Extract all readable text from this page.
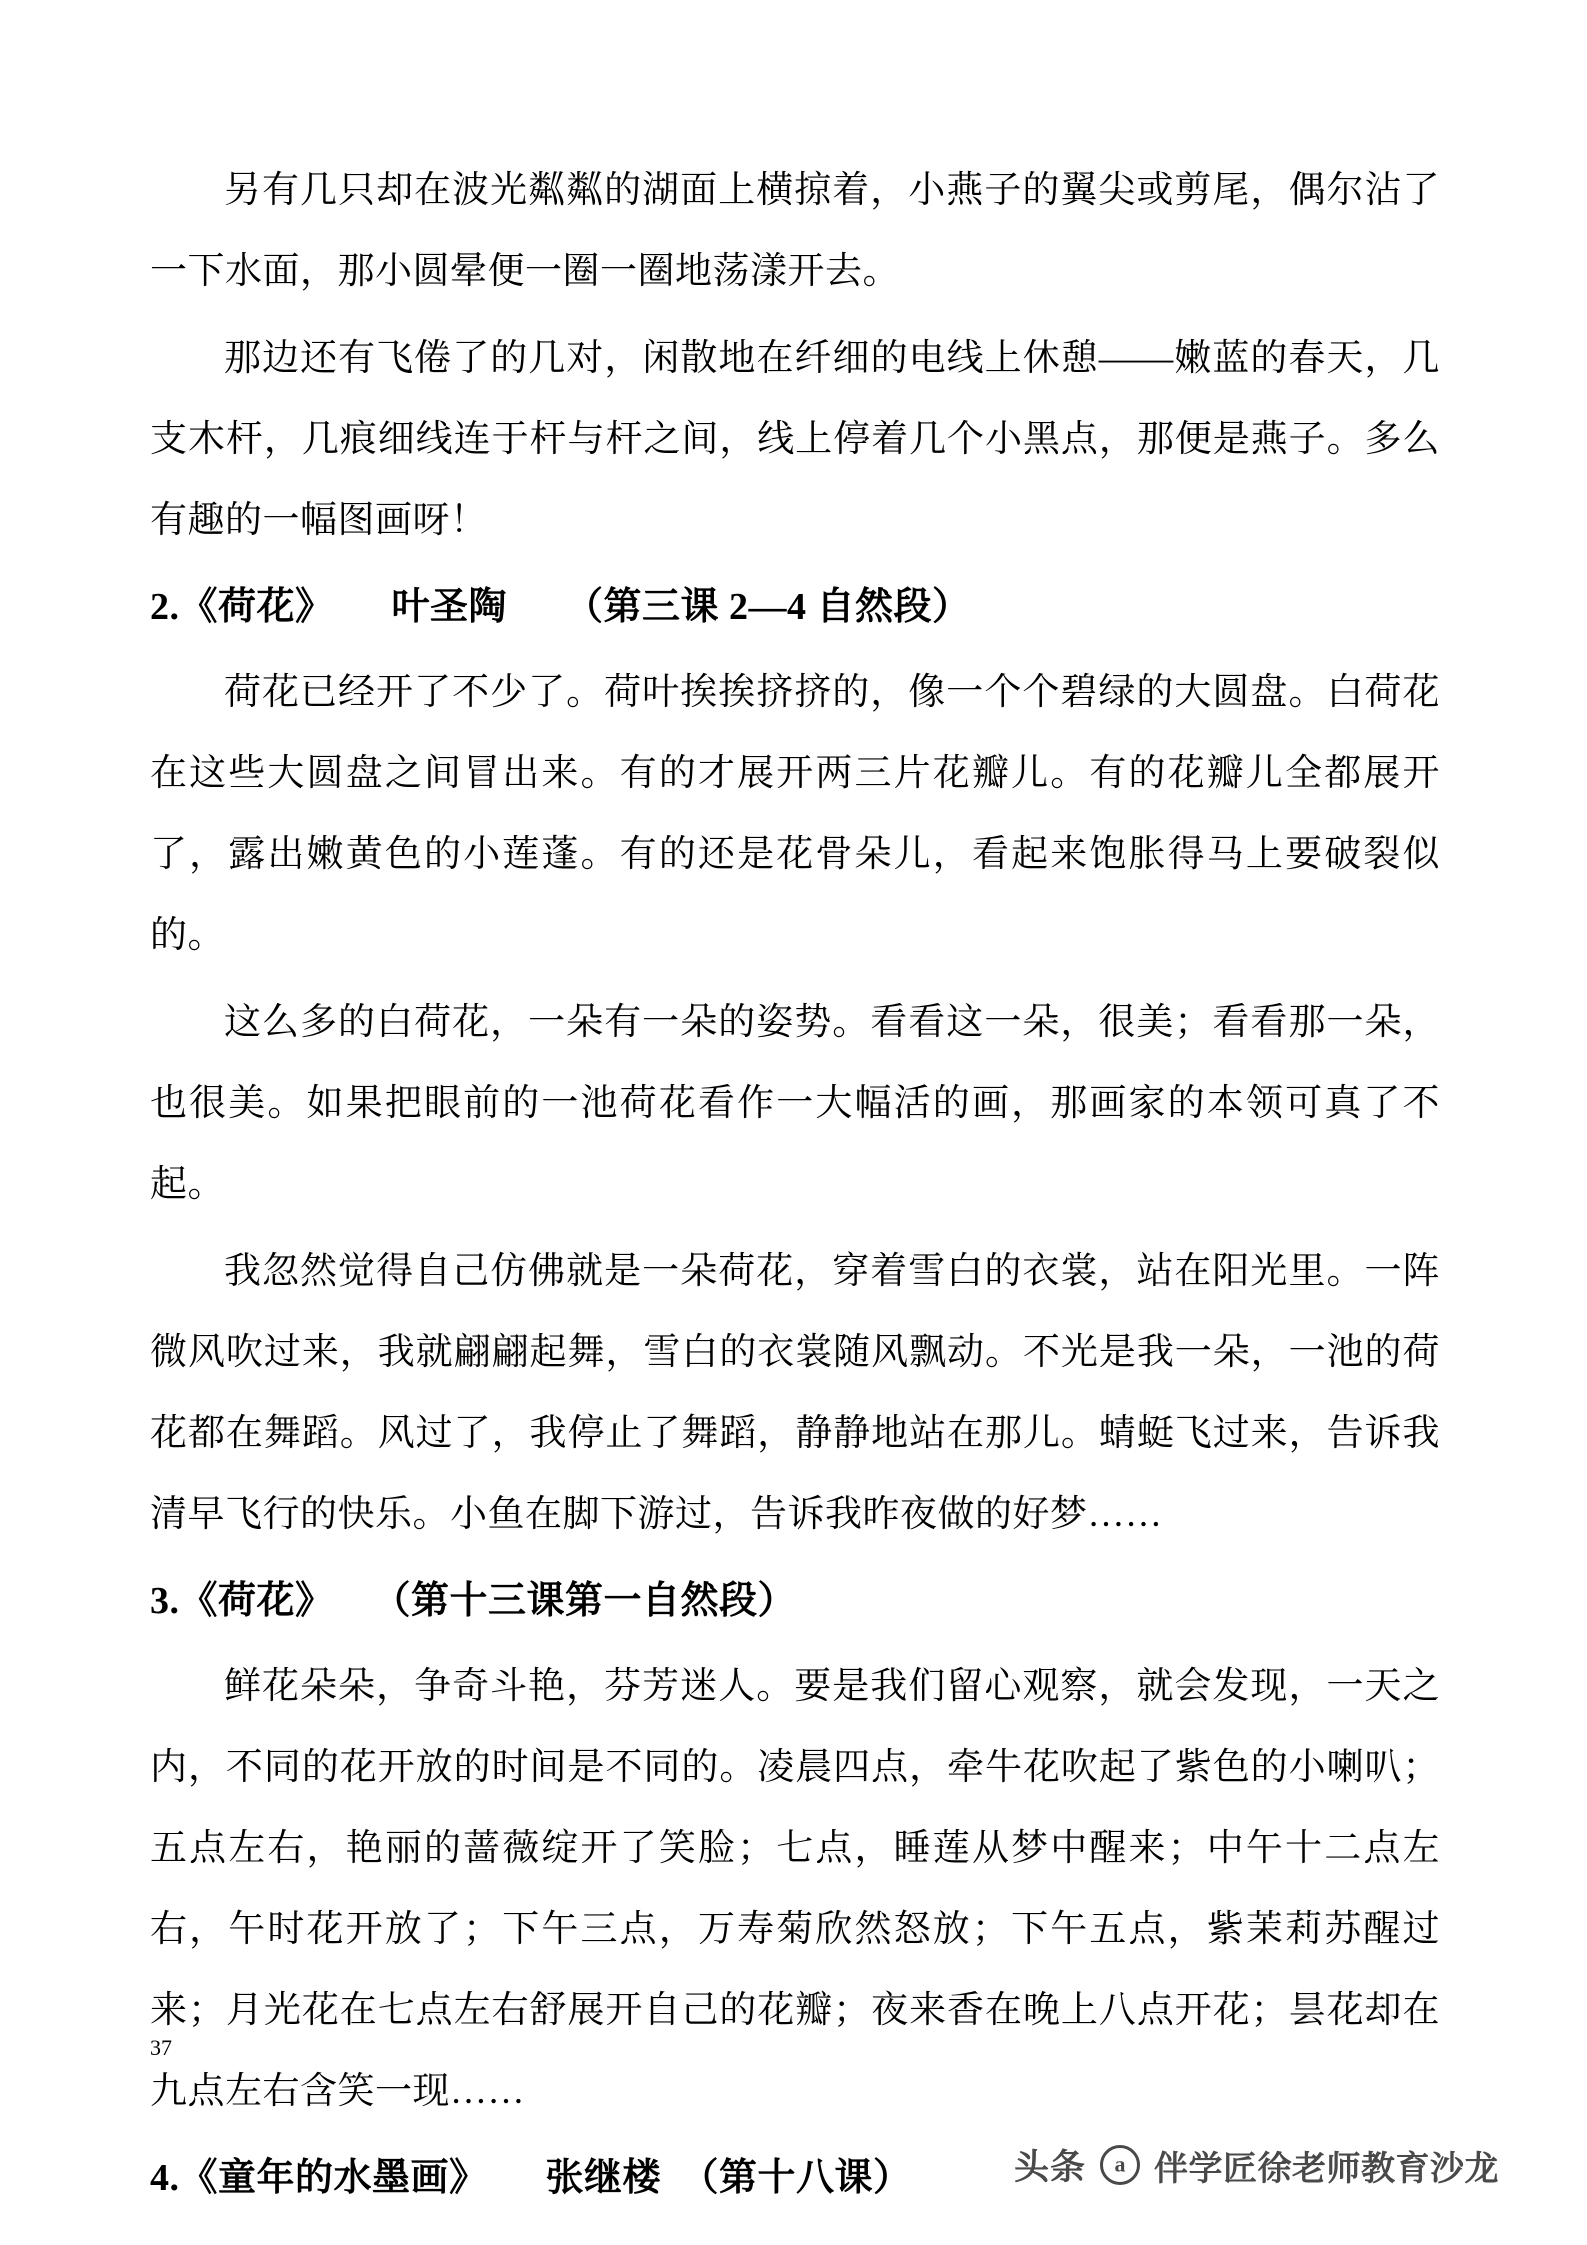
另有几只却在波光粼粼的湖面上横掠着，小燕子的翼尖或剪尾，偶尔沾了一下水面，那小圆晕便一圈一圈地荡漾开去。

那边还有飞倦了的几对，闲散地在纤细的电线上休憩——嫩蓝的春天，几支木杆，几痕细线连于杆与杆之间，线上停着几个小黑点，那便是燕子。多么有趣的一幅图画呀！

2.《荷花》　　叶圣陶　　（第三课 2—4 自然段）

荷花已经开了不少了。荷叶挨挨挤挤的，像一个个碧绿的大圆盘。白荷花在这些大圆盘之间冒出来。有的才展开两三片花瓣儿。有的花瓣儿全都展开了，露出嫩黄色的小莲蓬。有的还是花骨朵儿，看起来饱胀得马上要破裂似的。

这么多的白荷花，一朵有一朵的姿势。看看这一朵，很美；看看那一朵，也很美。如果把眼前的一池荷花看作一大幅活的画，那画家的本领可真了不起。

我忽然觉得自己仿佛就是一朵荷花，穿着雪白的衣裳，站在阳光里。一阵微风吹过来，我就翩翩起舞，雪白的衣裳随风飘动。不光是我一朵，一池的荷花都在舞蹈。风过了，我停止了舞蹈，静静地站在那儿。蜻蜓飞过来，告诉我清早飞行的快乐。小鱼在脚下游过，告诉我昨夜做的好梦……

3.《荷花》　　（第十三课第一自然段）

鲜花朵朵，争奇斗艳，芬芳迷人。要是我们留心观察，就会发现，一天之内，不同的花开放的时间是不同的。凌晨四点，牵牛花吹起了紫色的小喇叭；五点左右，艳丽的蔷薇绽开了笑脸；七点，睡莲从梦中醒来；中午十二点左右，午时花开放了；下午三点，万寿菊欣然怒放；下午五点，紫茉莉苏醒过来；月光花在七点左右舒展开自己的花瓣；夜来香在晚上八点开花；昙花却在九点左右含笑一现……

4.《童年的水墨画》　　张继楼　（第十八课）

37
头条 a 伴学匠徐老师教育沙龙
